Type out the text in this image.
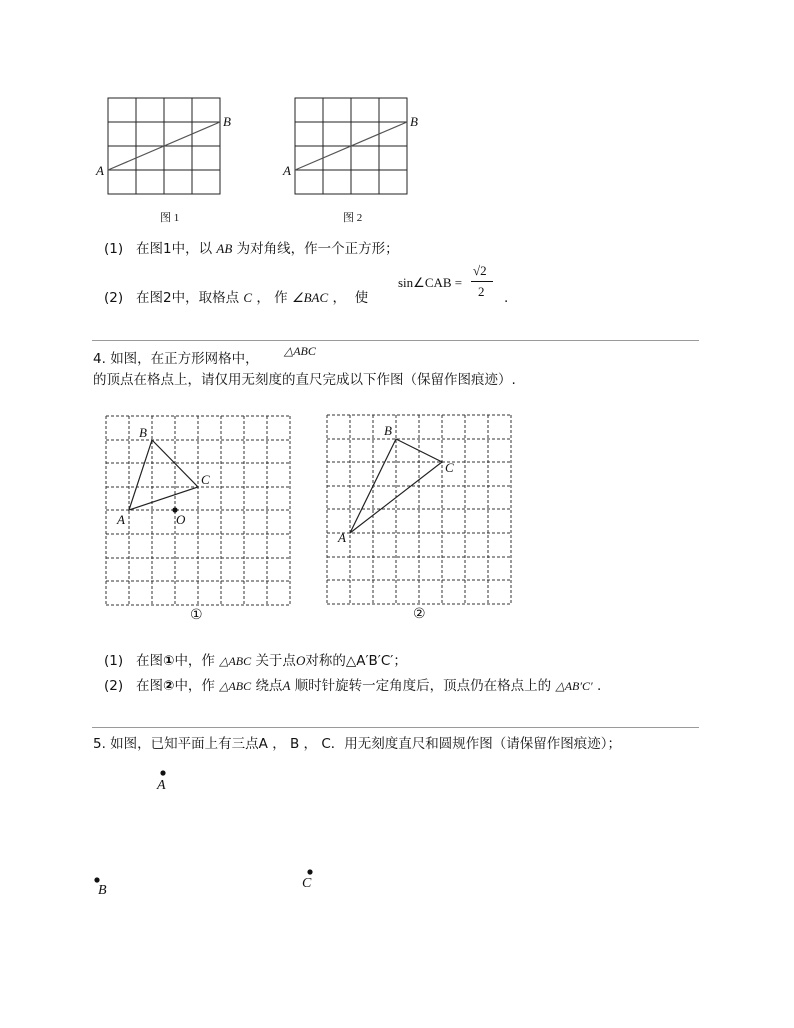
A
B
图 1
A
B
图 2
(1) 在图1中，以 AB 为对角线，作一个正方形；
(2) 在图2中，取格点 C ， 作 ∠BAC ， 使
sin∠CAB =
√2
2 .
4. 如图，在正方形网格中， △ABC
的顶点在格点上，请仅用无刻度的直尺完成以下作图（保留作图痕迹）.
B
C
A	O
①
B
C
A
②
(1) 在图①中，作 △ABC 关于点O对称的△A′B′C′；
(2) 在图②中，作 △ABC 绕点A 顺时针旋转一定角度后，顶点仍在格点上的 △AB′C′ .
5. 如图，已知平面上有三点A ， B ， C．用无刻度直尺和圆规作图（请保留作图痕迹）；
A
B	C
